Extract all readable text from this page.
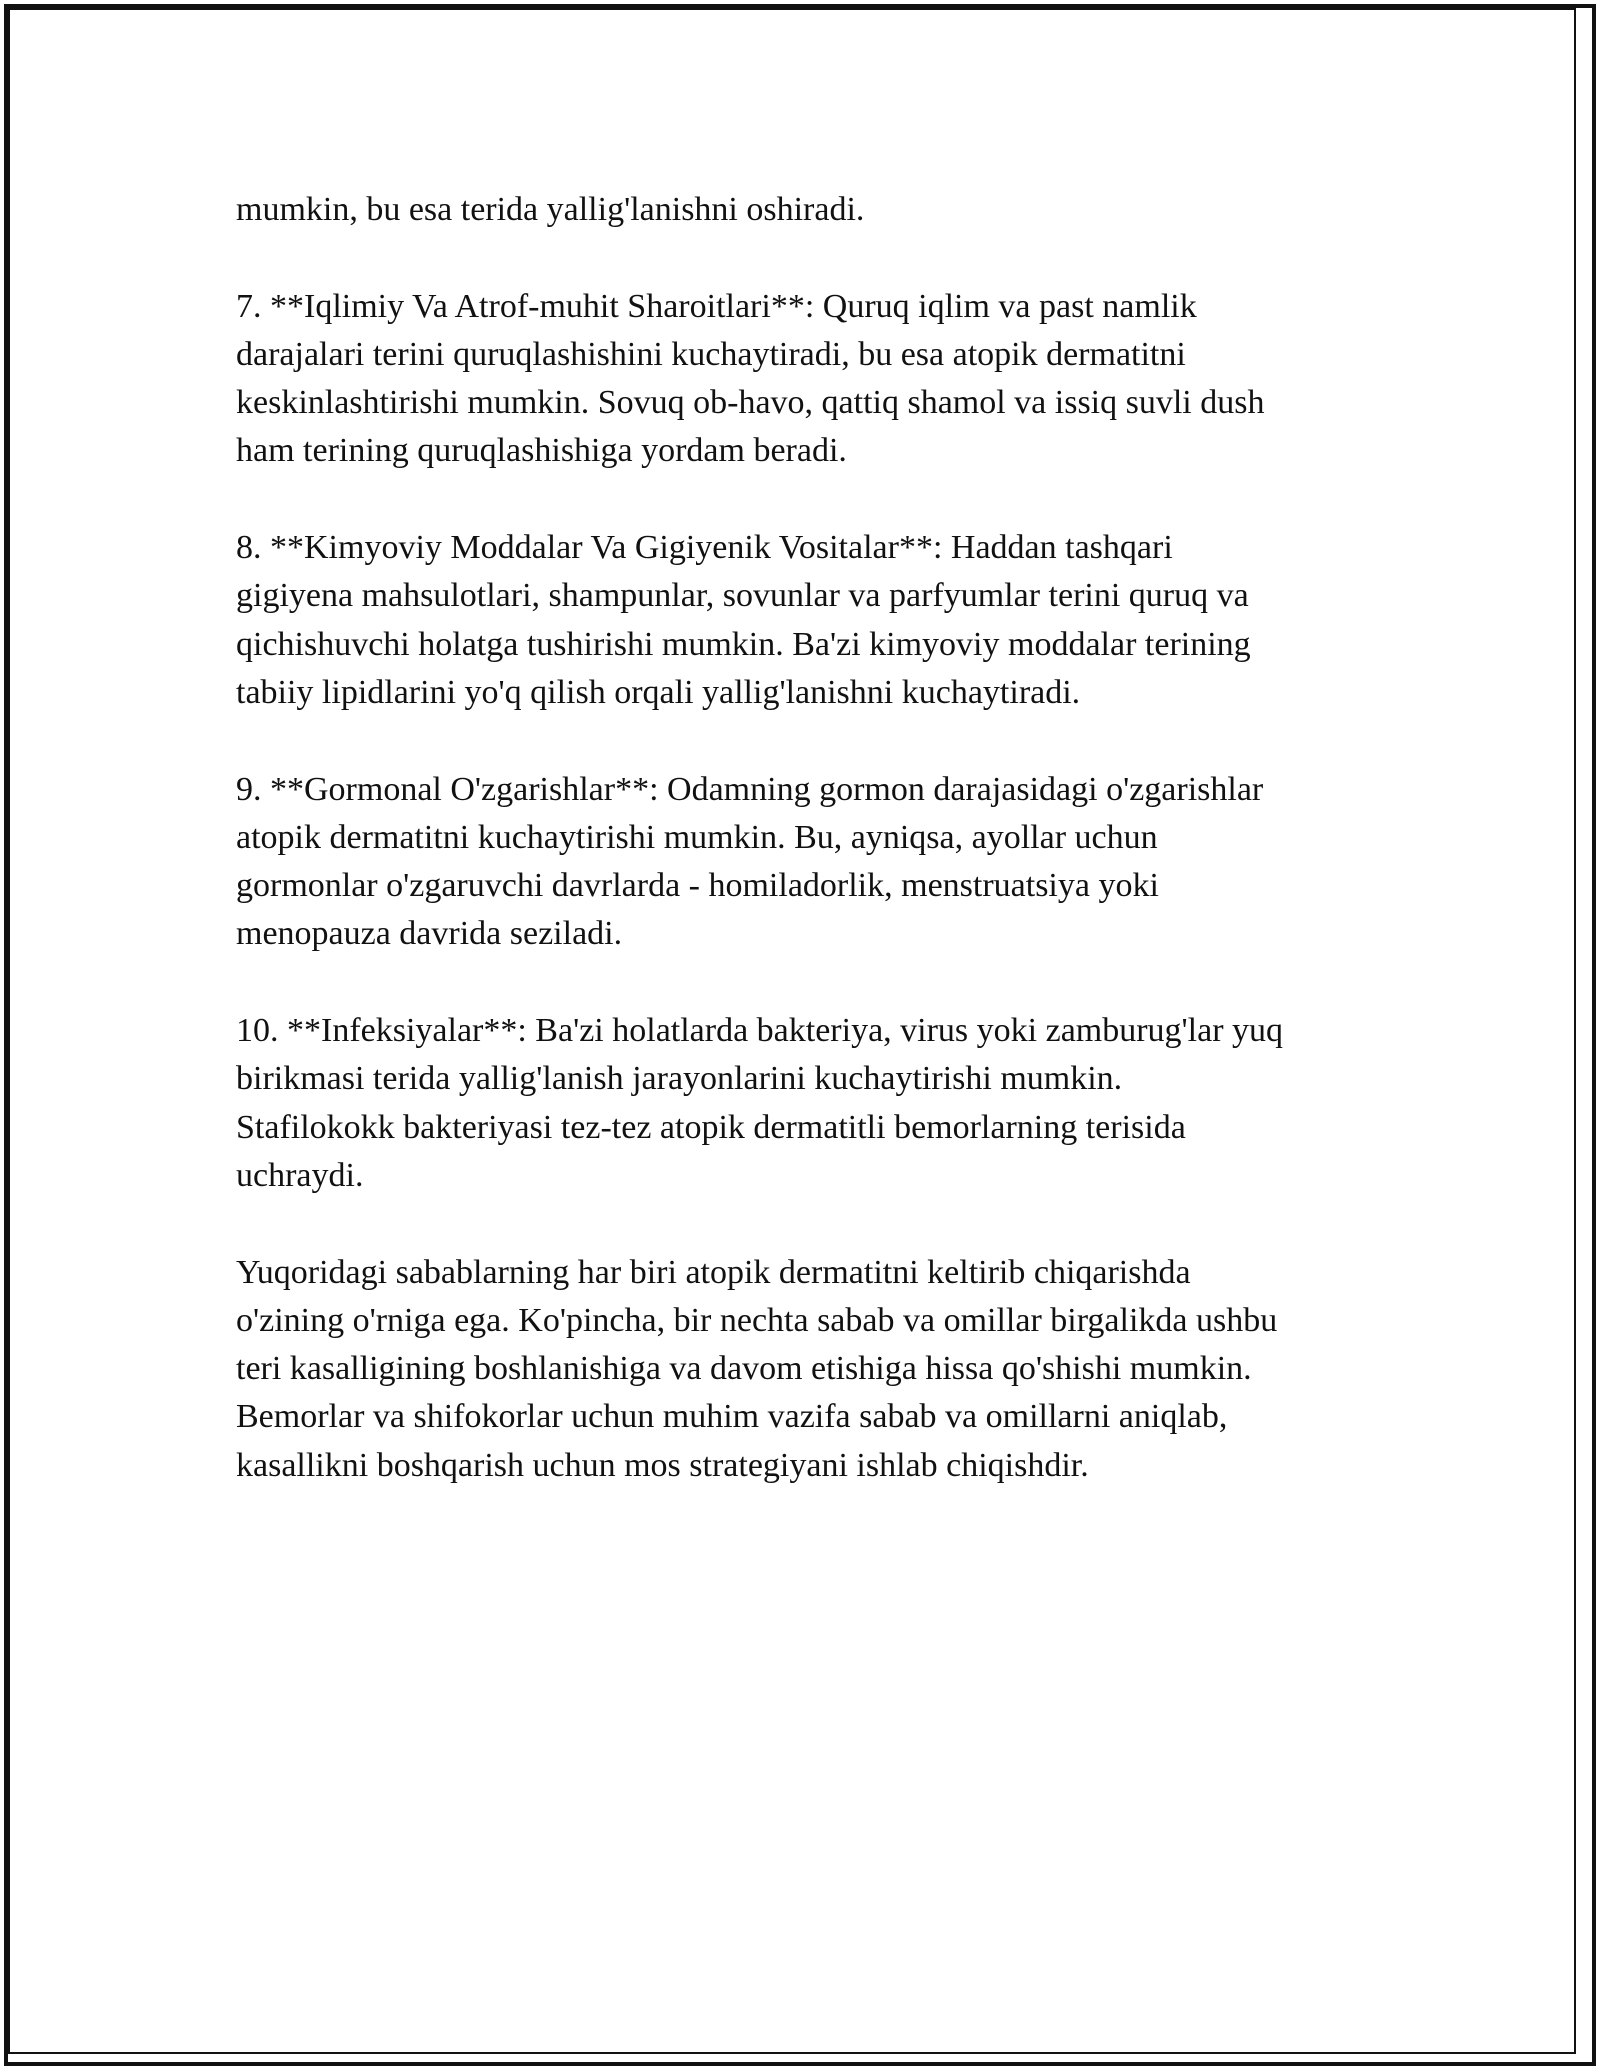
mumkin, bu esa terida yallig'lanishni oshiradi.

7. **Iqlimiy Va Atrof-muhit Sharoitlari**: Quruq iqlim va past namlik
darajalari terini quruqlashishini kuchaytiradi, bu esa atopik dermatitni
keskinlashtirishi mumkin. Sovuq ob-havo, qattiq shamol va issiq suvli dush
ham terining quruqlashishiga yordam beradi.

8. **Kimyoviy Moddalar Va Gigiyenik Vositalar**: Haddan tashqari
gigiyena mahsulotlari, shampunlar, sovunlar va parfyumlar terini quruq va
qichishuvchi holatga tushirishi mumkin. Ba'zi kimyoviy moddalar terining
tabiiy lipidlarini yo'q qilish orqali yallig'lanishni kuchaytiradi.

9. **Gormonal O'zgarishlar**: Odamning gormon darajasidagi o'zgarishlar
atopik dermatitni kuchaytirishi mumkin. Bu, ayniqsa, ayollar uchun
gormonlar o'zgaruvchi davrlarda - homiladorlik, menstruatsiya yoki
menopauza davrida seziladi.

10. **Infeksiyalar**: Ba'zi holatlarda bakteriya, virus yoki zamburug'lar yuq
birikmasi terida yallig'lanish jarayonlarini kuchaytirishi mumkin.
Stafilokokk bakteriyasi tez-tez atopik dermatitli bemorlarning terisida
uchraydi.

Yuqoridagi sabablarning har biri atopik dermatitni keltirib chiqarishda
o'zining o'rniga ega. Ko'pincha, bir nechta sabab va omillar birgalikda ushbu
teri kasalligining boshlanishiga va davom etishiga hissa qo'shishi mumkin.
Bemorlar va shifokorlar uchun muhim vazifa sabab va omillarni aniqlab,
kasallikni boshqarish uchun mos strategiyani ishlab chiqishdir.
